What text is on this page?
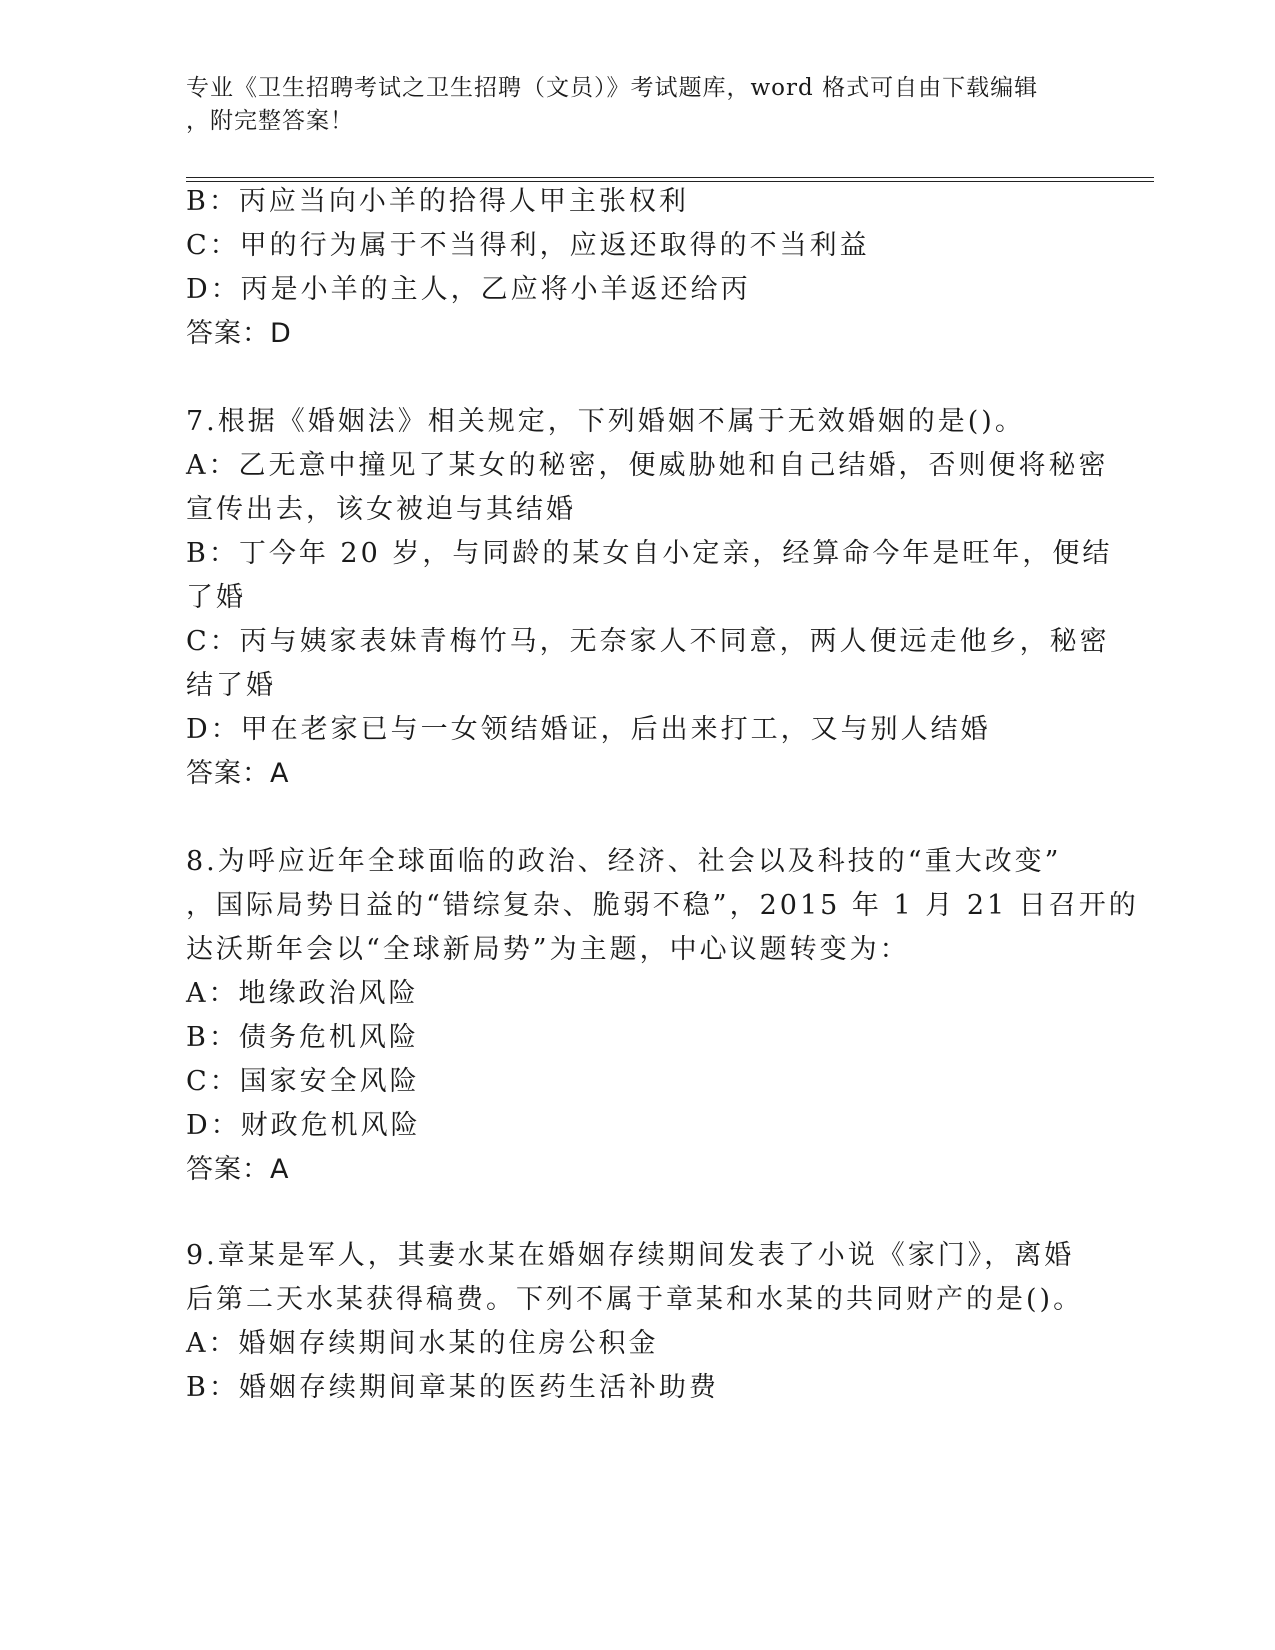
专业《卫生招聘考试之卫生招聘（文员）》考试题库，word 格式可自由下载编辑
，附完整答案！
B：丙应当向小羊的拾得人甲主张权利
C：甲的行为属于不当得利，应返还取得的不当利益
D：丙是小羊的主人，乙应将小羊返还给丙
答案：D
7.根据《婚姻法》相关规定，下列婚姻不属于无效婚姻的是()。
A：乙无意中撞见了某女的秘密，便威胁她和自己结婚，否则便将秘密
宣传出去，该女被迫与其结婚
B：丁今年 20 岁，与同龄的某女自小定亲，经算命今年是旺年，便结
了婚
C：丙与姨家表妹青梅竹马，无奈家人不同意，两人便远走他乡，秘密
结了婚
D：甲在老家已与一女领结婚证，后出来打工，又与别人结婚
答案：A
8.为呼应近年全球面临的政治、经济、社会以及科技的“重大改变”
，国际局势日益的“错综复杂、脆弱不稳”，2015 年 1 月 21 日召开的
达沃斯年会以“全球新局势”为主题，中心议题转变为：
A：地缘政治风险
B：债务危机风险
C：国家安全风险
D：财政危机风险
答案：A
9.章某是军人，其妻水某在婚姻存续期间发表了小说《家门》，离婚
后第二天水某获得稿费。下列不属于章某和水某的共同财产的是()。
A：婚姻存续期间水某的住房公积金
B：婚姻存续期间章某的医药生活补助费
